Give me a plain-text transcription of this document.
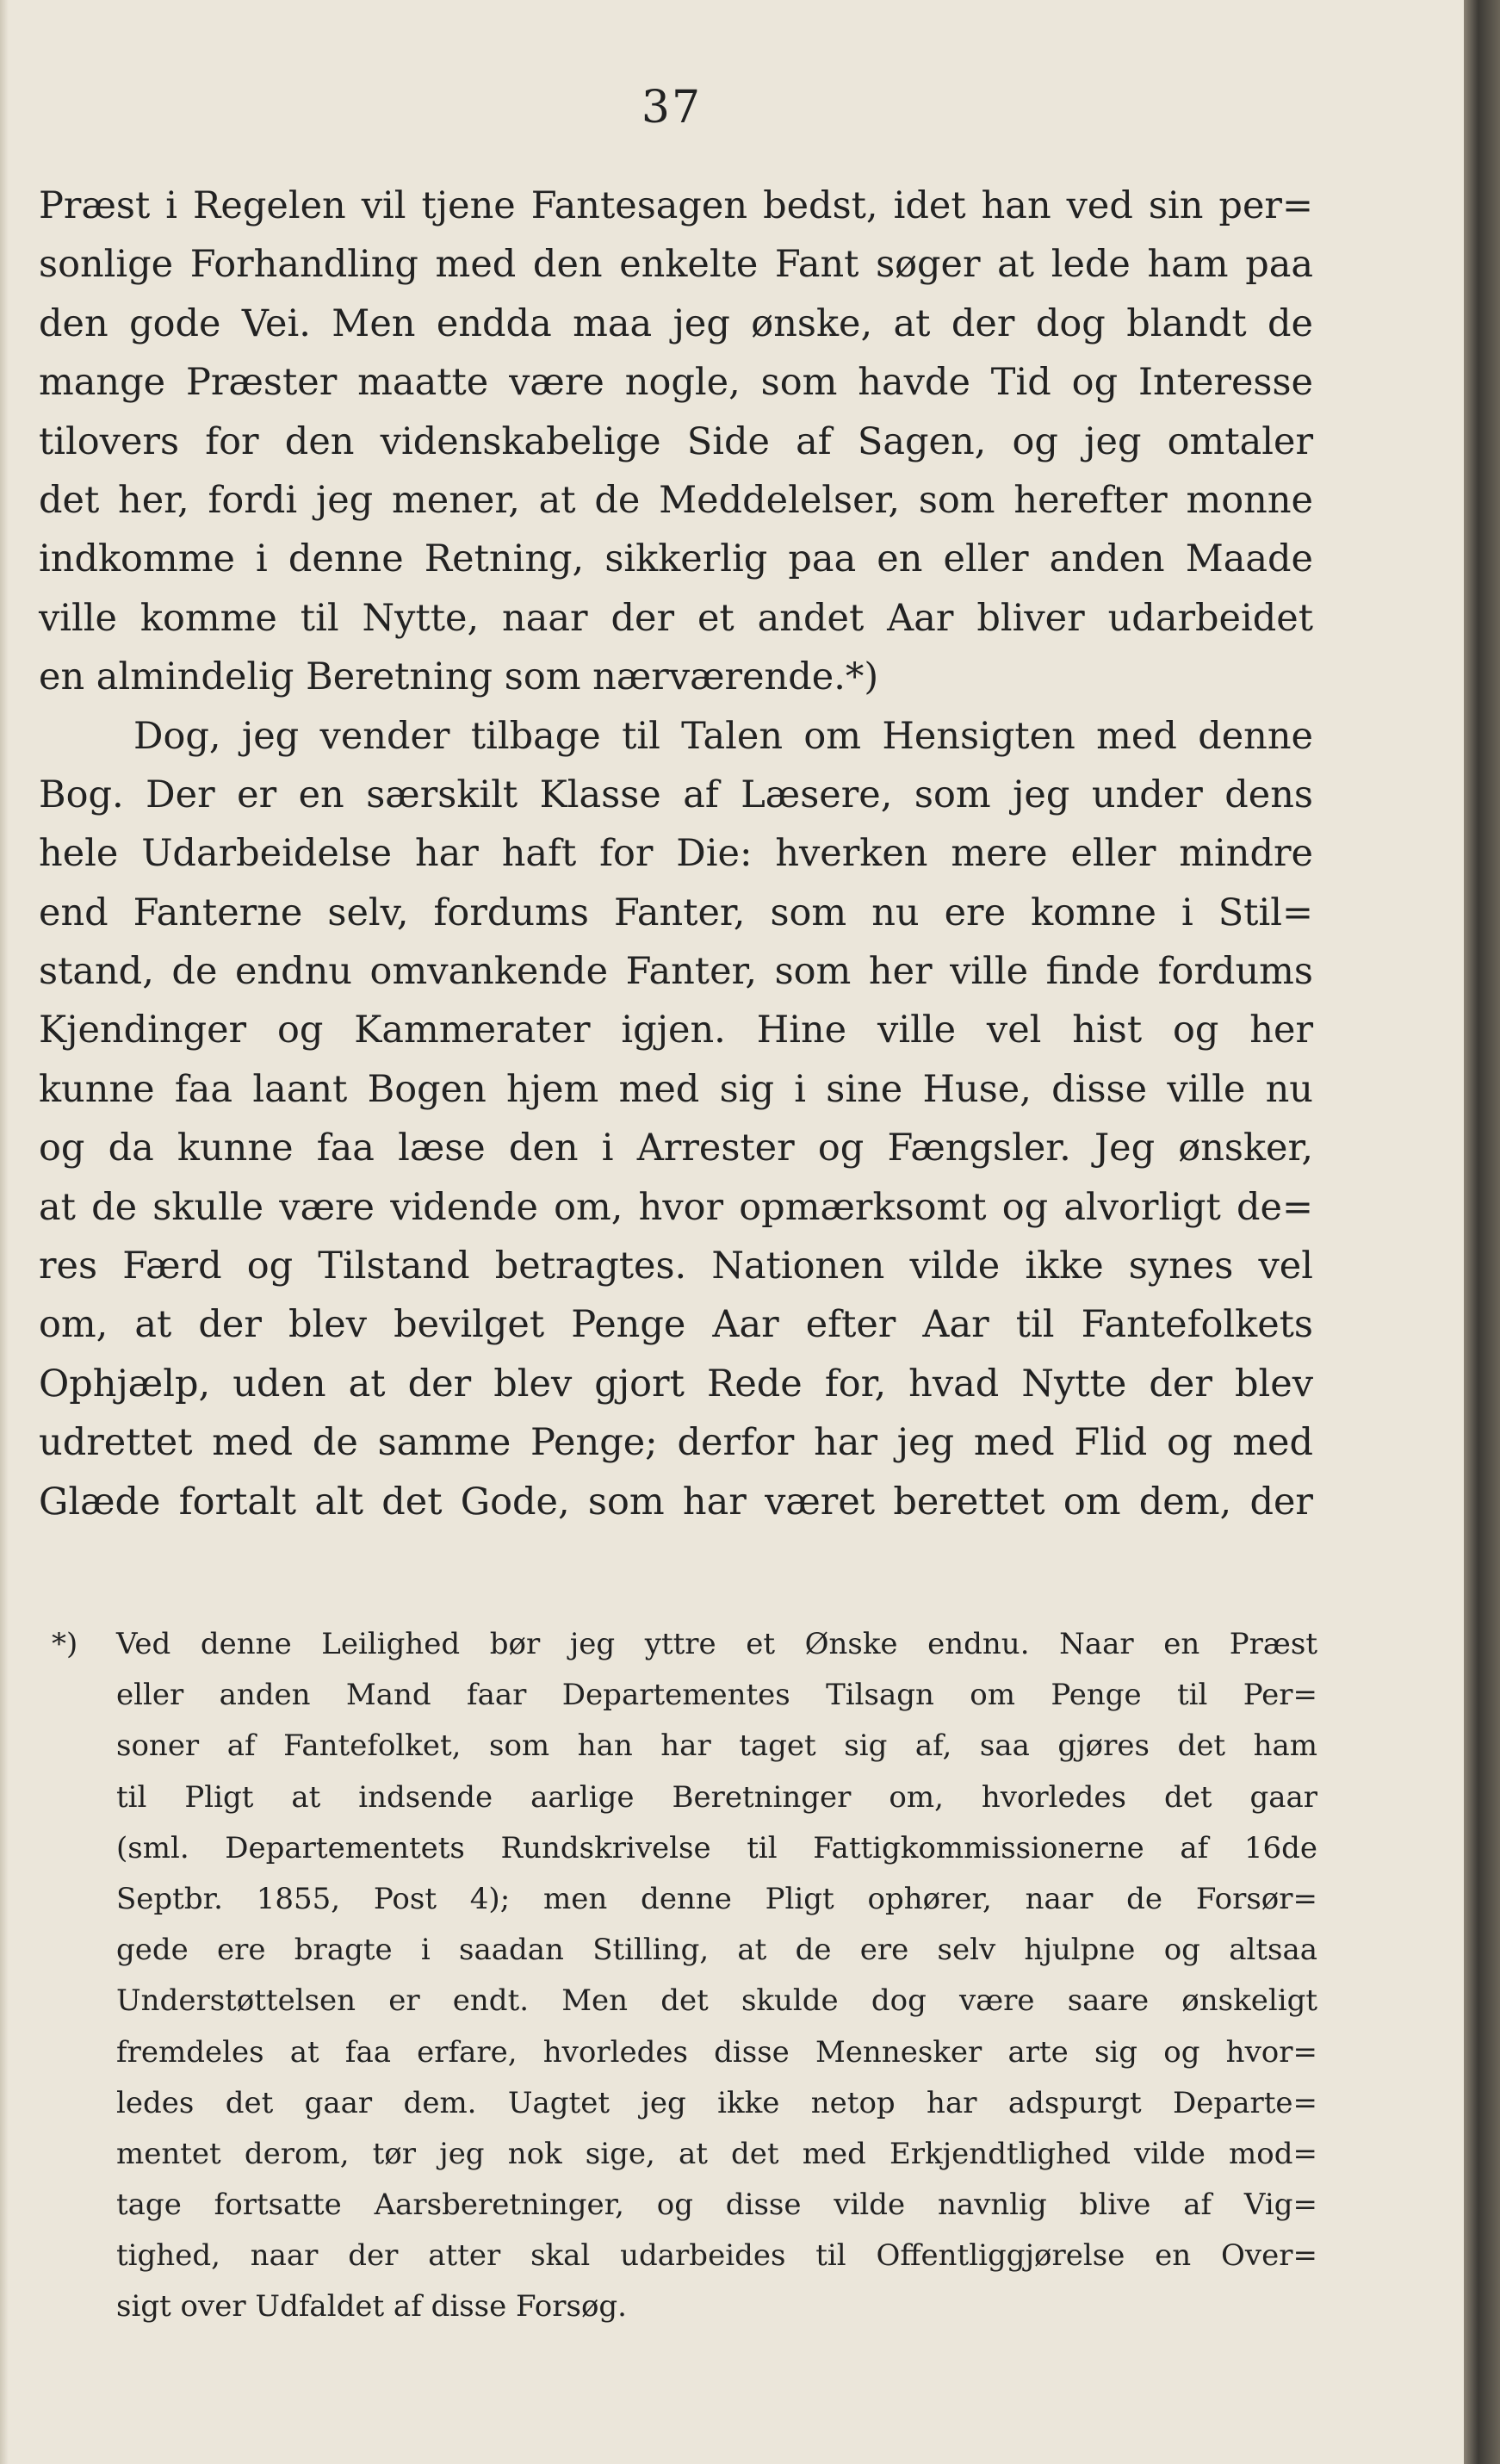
37
Præst i Regelen vil tjene Fantesagen bedst, idet han ved sin per=
sonlige Forhandling med den enkelte Fant søger at lede ham paa
den gode Vei. Men endda maa jeg ønske, at der dog blandt de
mange Præster maatte være nogle, som havde Tid og Interesse
tilovers for den videnskabelige Side af Sagen, og jeg omtaler
det her, fordi jeg mener, at de Meddelelser, som herefter monne
indkomme i denne Retning, sikkerlig paa en eller anden Maade
ville komme til Nytte, naar der et andet Aar bliver udarbeidet
en almindelig Beretning som nærværende.*)
Dog, jeg vender tilbage til Talen om Hensigten med denne
Bog. Der er en særskilt Klasse af Læsere, som jeg under dens
hele Udarbeidelse har haft for Die: hverken mere eller mindre
end Fanterne selv, fordums Fanter, som nu ere komne i Stil=
stand, de endnu omvankende Fanter, som her ville finde fordums
Kjendinger og Kammerater igjen. Hine ville vel hist og her
kunne faa laant Bogen hjem med sig i sine Huse, disse ville nu
og da kunne faa læse den i Arrester og Fængsler. Jeg ønsker,
at de skulle være vidende om, hvor opmærksomt og alvorligt de=
res Færd og Tilstand betragtes. Nationen vilde ikke synes vel
om, at der blev bevilget Penge Aar efter Aar til Fantefolkets
Ophjælp, uden at der blev gjort Rede for, hvad Nytte der blev
udrettet med de samme Penge; derfor har jeg med Flid og med
Glæde fortalt alt det Gode, som har været berettet om dem, der
*)	Ved denne Leilighed bør jeg yttre et Ønske endnu. Naar en Præst
eller anden Mand faar Departementes Tilsagn om Penge til Per=
soner af Fantefolket, som han har taget sig af, saa gjøres det ham
til Pligt at indsende aarlige Beretninger om, hvorledes det gaar
(sml. Departementets Rundskrivelse til Fattigkommissionerne af 16de
Septbr. 1855, Post 4); men denne Pligt ophører, naar de Forsør=
gede ere bragte i saadan Stilling, at de ere selv hjulpne og altsaa
Understøttelsen er endt. Men det skulde dog være saare ønskeligt
fremdeles at faa erfare, hvorledes disse Mennesker arte sig og hvor=
ledes det gaar dem. Uagtet jeg ikke netop har adspurgt Departe=
mentet derom, tør jeg nok sige, at det med Erkjendtlighed vilde mod=
tage fortsatte Aarsberetninger, og disse vilde navnlig blive af Vig=
tighed, naar der atter skal udarbeides til Offentliggjørelse en Over=
sigt over Udfaldet af disse Forsøg.
